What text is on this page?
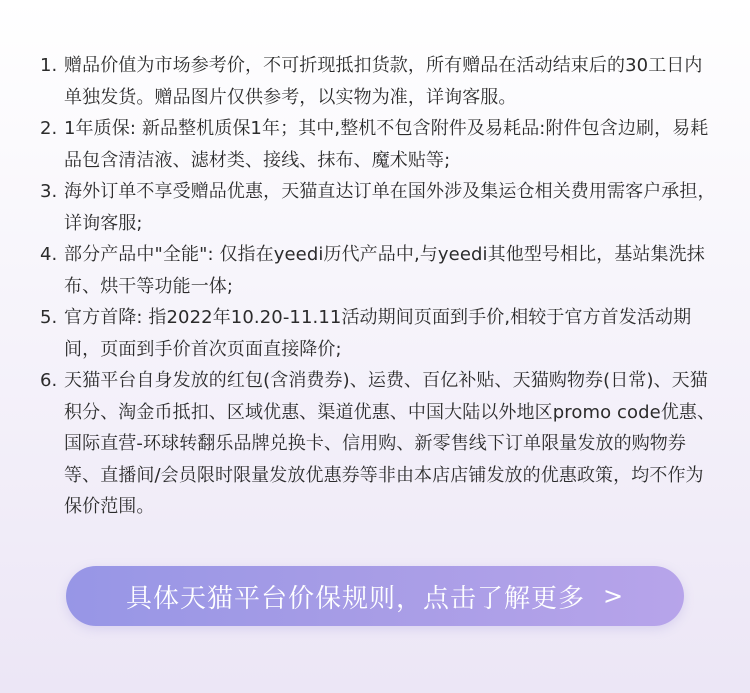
1. 赠品价值为市场参考价，不可折现抵扣货款，所有赠品在活动结束后的30工日内单独发货。赠品图片仅供参考，以实物为准，详询客服。
2. 1年质保: 新品整机质保1年；其中,整机不包含附件及易耗品:附件包含边刷，易耗品包含清洁液、滤材类、接线、抹布、魔术贴等;
3. 海外订单不享受赠品优惠，天猫直达订单在国外涉及集运仓相关费用需客户承担，详询客服;
4. 部分产品中"全能": 仅指在yeedi历代产品中,与yeedi其他型号相比，基站集洗抹布、烘干等功能一体;
5. 官方首降: 指2022年10.20-11.11活动期间页面到手价,相较于官方首发活动期间，页面到手价首次页面直接降价;
6. 天猫平台自身发放的红包(含消费券)、运费、百亿补贴、天猫购物券(日常)、天猫积分、淘金币抵扣、区域优惠、渠道优惠、中国大陆以外地区promo code优惠、国际直营-环球转翻乐品牌兑换卡、信用购、新零售线下订单限量发放的购物券等、直播间/会员限时限量发放优惠券等非由本店店铺发放的优惠政策，均不作为保价范围。
具体天猫平台价保规则，点击了解更多 >
